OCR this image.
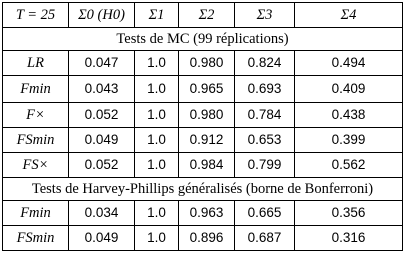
T = 25	Σ0 (H0)	Σ1	Σ2	Σ3	Σ4
Tests de MC (99 réplications)					
LR	0.047	1.0	0.980	0.824	0.494
Fmin	0.043	1.0	0.965	0.693	0.409
F×	0.052	1.0	0.980	0.784	0.438
FSmin	0.049	1.0	0.912	0.653	0.399
FS×	0.052	1.0	0.984	0.799	0.562
Tests de Harvey-Phillips généralisés (borne de Bonferroni)					
Fmin	0.034	1.0	0.963	0.665	0.356
FSmin	0.049	1.0	0.896	0.687	0.316
